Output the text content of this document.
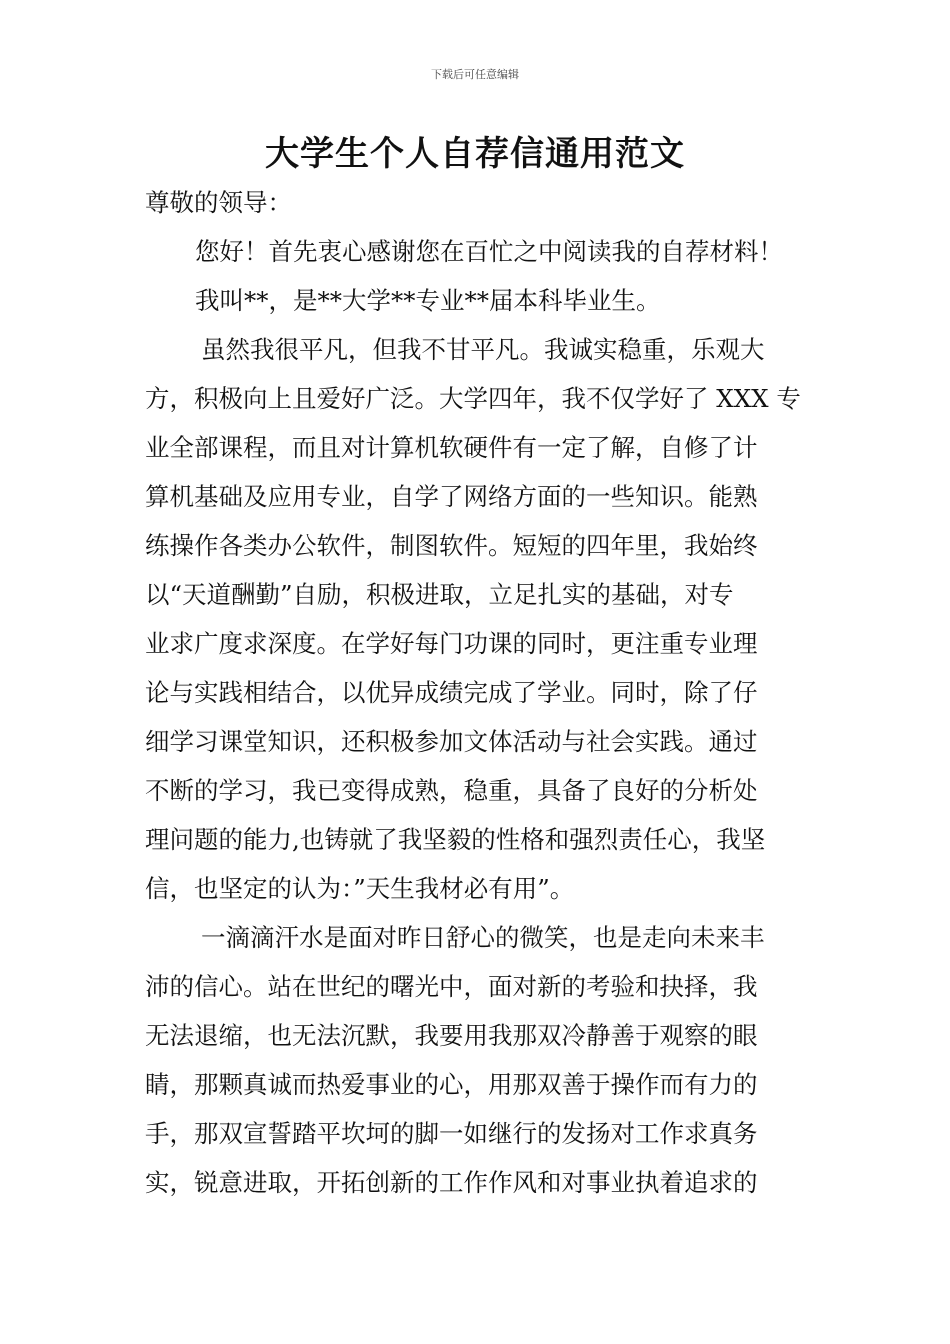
下载后可任意编辑
大学生个人自荐信通用范文
尊敬的领导：
您好！首先衷心感谢您在百忙之中阅读我的自荐材料！
我叫**，是**大学**专业**届本科毕业生。
虽然我很平凡，但我不甘平凡。我诚实稳重，乐观大
方，积极向上且爱好广泛。大学四年，我不仅学好了 XXX 专
业全部课程，而且对计算机软硬件有一定了解，自修了计
算机基础及应用专业，自学了网络方面的一些知识。能熟
练操作各类办公软件，制图软件。短短的四年里，我始终
以“天道酬勤”自励，积极进取，立足扎实的基础，对专
业求广度求深度。在学好每门功课的同时，更注重专业理
论与实践相结合，以优异成绩完成了学业。同时，除了仔
细学习课堂知识，还积极参加文体活动与社会实践。通过
不断的学习，我已变得成熟，稳重，具备了良好的分析处
理问题的能力,也铸就了我坚毅的性格和强烈责任心，我坚
信，也坚定的认为：”天生我材必有用”。
一滴滴汗水是面对昨日舒心的微笑，也是走向未来丰
沛的信心。站在世纪的曙光中，面对新的考验和抉择，我
无法退缩，也无法沉默，我要用我那双冷静善于观察的眼
睛，那颗真诚而热爱事业的心，用那双善于操作而有力的
手，那双宣誓踏平坎坷的脚一如继行的发扬对工作求真务
实，锐意进取，开拓创新的工作作风和对事业执着追求的
